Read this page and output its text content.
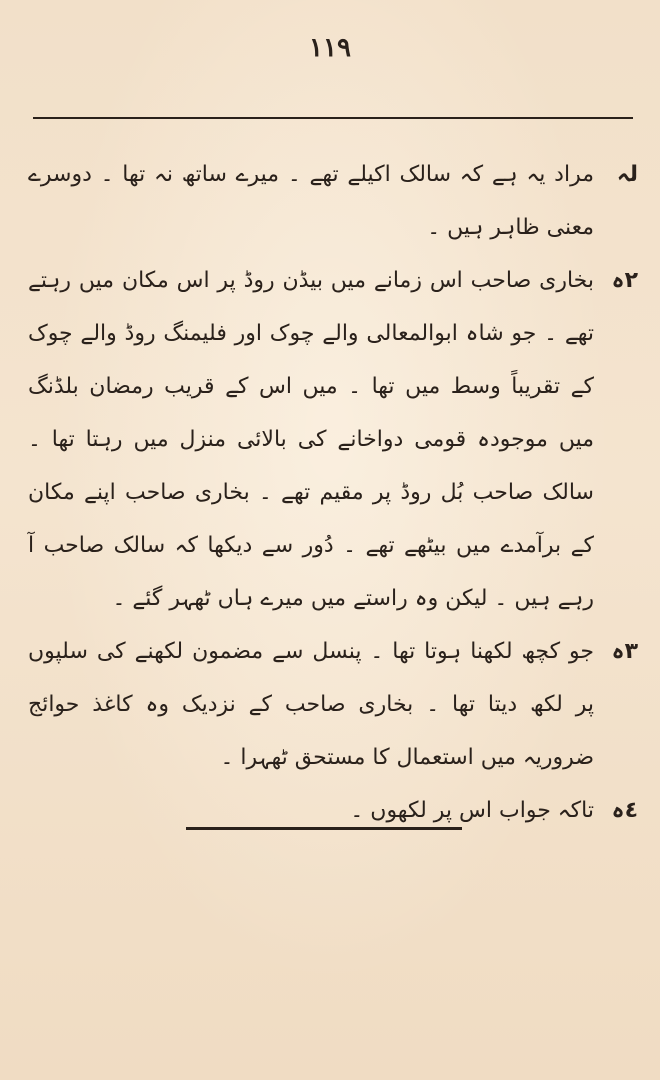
١١٩
لہ
مراد یہ ہے کہ سالک اکیلے تھے ۔ میرے ساتھ نہ تھا ۔ دوسرے معنی ظاہر ہیں ۔
٢ہ
بخاری صاحب اس زمانے میں بیڈن روڈ پر اس مکان میں رہتے تھے ۔ جو شاہ ابوالمعالی والے چوک اور فلیمنگ روڈ والے چوک کے تقریباً وسط میں تھا ۔ میں اس کے قریب رمضان بلڈنگ میں موجودہ قومی دواخانے کی بالائی منزل میں رہتا تھا ۔ سالک صاحب بُل روڈ پر مقیم تھے ۔ بخاری صاحب اپنے مکان کے برآمدے میں بیٹھے تھے ۔ دُور سے دیکھا کہ سالک صاحب آ رہے ہیں ۔ لیکن وہ راستے میں میرے ہاں ٹھہر گئے ۔
٣ہ
جو کچھ لکھنا ہوتا تھا ۔ پنسل سے مضمون لکھنے کی سلپوں پر لکھ دیتا تھا ۔ بخاری صاحب کے نزدیک وہ کاغذ حوائج ضروریہ میں استعمال کا مستحق ٹھہرا ۔
٤ہ
تاکہ جواب اس پر لکھوں ۔
